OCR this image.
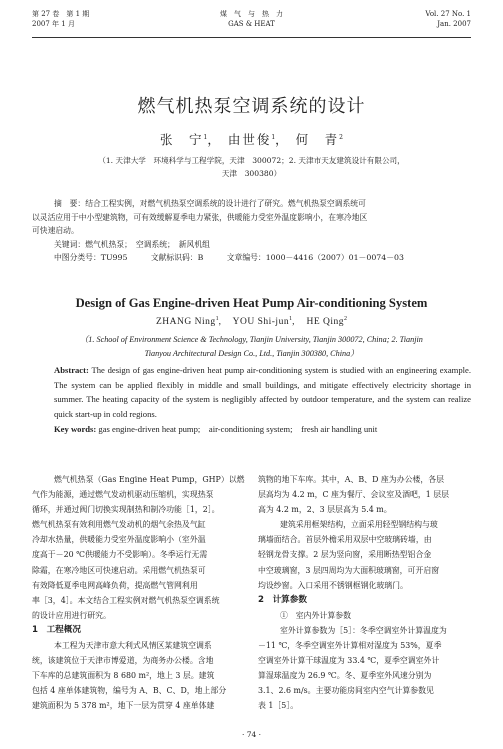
第 27 卷　第 1 期
2007 年 1 月
煤　气　与　热　力
GAS & HEAT
Vol. 27 No. 1
Jan. 2007
燃气机热泵空调系统的设计
张　宁$^1$， 由世俊$^1$， 何　青$^2$
（1. 天津大学　环境科学与工程学院，天津　300072；2. 天津市天友建筑设计有限公司，
天津　300380）
摘　要：结合工程实例，对燃气机热泵空调系统的设计进行了研究。燃气机热泵空调系统可
以灵活应用于中小型建筑物，可有效缓解夏季电力紧张，供暖能力受室外温度影响小，在寒冷地区
可快速启动。
关键词：燃气机热泵；　空调系统；　新风机组
中图分类号：TU995　　　	文献标识码：B　　　	文章编号：1000－4416（2007）01－0074－03
Design of Gas Engine-driven Heat Pump Air-conditioning System
ZHANG Ning$^1$,    YOU Shi-jun$^1$,    HE Qing$^2$
（1. School of Environment Science & Technology, Tianjin University, Tianjin 300072, China; 2. Tianjin
Tianyou Architectural Design Co., Ltd., Tianjin 300380, China）
Abstract: The design of gas engine-driven heat pump air-conditioning system is studied with an engineering example. The system can be applied flexibly in middle and small buildings, and mitigate effectively electricity shortage in summer. The heating capacity of the system is negligibly affected by outdoor temperature, and the system can realize quick start-up in cold regions.
Key words: gas engine-driven heat pump;　air-conditioning system;　fresh air handling unit
燃气机热泵（Gas Engine Heat Pump，GHP）以燃
气作为能源，通过燃气发动机驱动压缩机，实现热泵
循环，并通过阀门切换实现制热和制冷功能［1，2］。
燃气机热泵有效利用燃气发动机的烟气余热及气缸
冷却水热量，供暖能力受室外温度影响小（室外温
度高于－20 ℃供暖能力不受影响）。冬季运行无需
除霜，在寒冷地区可快速启动。采用燃气机热泵可
有效降低夏季电网高峰负荷，提高燃气管网利用
率［3，4］。本文结合工程实例对燃气机热泵空调系统
的设计应用进行研究。
1　工程概况
本工程为天津市意大利式风情区某建筑空调系
统，该建筑位于天津市博爱道，为商务办公楼。含地
下车库的总建筑面积为 8 680 m²，地上 3 层。建筑
包括 4 座单体建筑物，编号为 A、B、C、D，地上部分
建筑面积为 5 378 m²，地下一层为贯穿 4 座单体建
筑物的地下车库。其中，A、B、D 座为办公楼，各层
层高均为 4.2 m，C 座为餐厅、会议室及酒吧，1 层层
高为 4.2 m，2、3 层层高为 5.4 m。
建筑采用框架结构，立面采用轻型钢结构与玻
璃墙面结合。首层外檐采用双层中空玻璃砖墙，由
轻钢龙骨支撑。2 层为竖向窗，采用断热型铝合金
中空玻璃窗，3 层四周均为大面积玻璃窗，可开启窗
均设纱窗。入口采用不锈钢框钢化玻璃门。
2　计算参数
①　室内外计算参数
室外计算参数为［5］：冬季空调室外计算温度为
－11 ℃，冬季空调室外计算相对湿度为 53%，夏季
空调室外计算干球温度为 33.4 ℃，夏季空调室外计
算湿球温度为 26.9 ℃。冬、夏季室外风速分别为
3.1、2.6 m/s。主要功能房间室内空气计算参数见
表 1［5］。
· 74 ·
